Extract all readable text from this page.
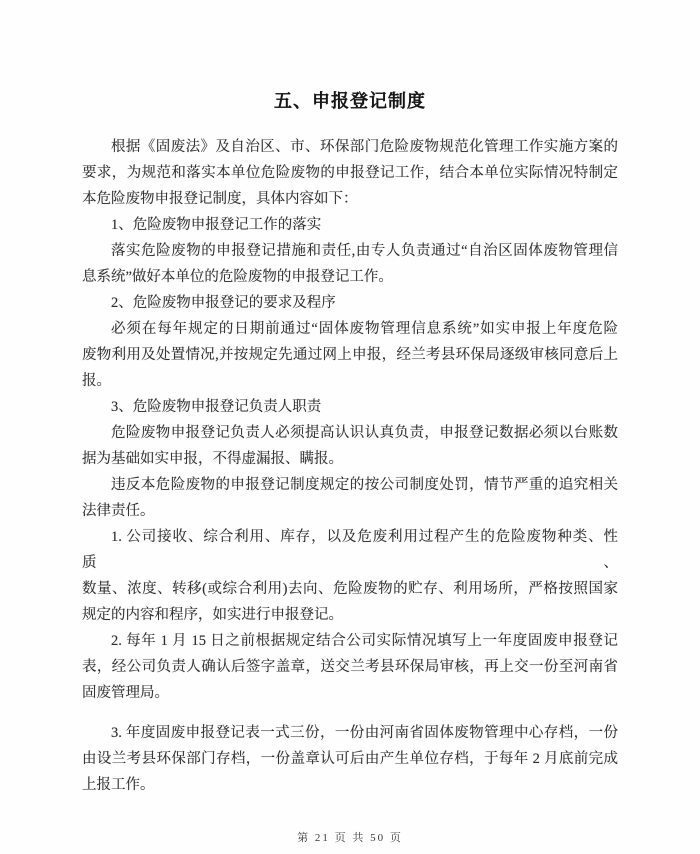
五、申报登记制度

根据《固废法》及自治区、市、环保部门危险废物规范化管理工作实施方案的

要求，为规范和落实本单位危险废物的申报登记工作，结合本单位实际情况特制定

本危险废物申报登记制度，具体内容如下：

1、危险废物申报登记工作的落实

落实危险废物的申报登记措施和责任,由专人负责通过“自治区固体废物管理信

息系统”做好本单位的危险废物的申报登记工作。

2、危险废物申报登记的要求及程序

必须在每年规定的日期前通过“固体废物管理信息系统”如实申报上年度危险

废物利用及处置情况,并按规定先通过网上申报，经兰考县环保局逐级审核同意后上

报。

3、危险废物申报登记负责人职责

危险废物申报登记负责人必须提高认识认真负责，申报登记数据必须以台账数

据为基础如实申报，不得虚漏报、瞒报。

违反本危险废物的申报登记制度规定的按公司制度处罚，情节严重的追究相关

法律责任。

1. 公司接收、综合利用、库存，以及危废利用过程产生的危险废物种类、性质、

数量、浓度、转移(或综合利用)去向、危险废物的贮存、利用场所，严格按照国家

规定的内容和程序，如实进行申报登记。

2. 每年 1 月 15 日之前根据规定结合公司实际情况填写上一年度固废申报登记

表，经公司负责人确认后签字盖章，送交兰考县环保局审核，再上交一份至河南省

固废管理局。

3. 年度固废申报登记表一式三份，一份由河南省固体废物管理中心存档，一份

由设兰考县环保部门存档，一份盖章认可后由产生单位存档，于每年 2 月底前完成

上报工作。

第 21 页 共 50 页
